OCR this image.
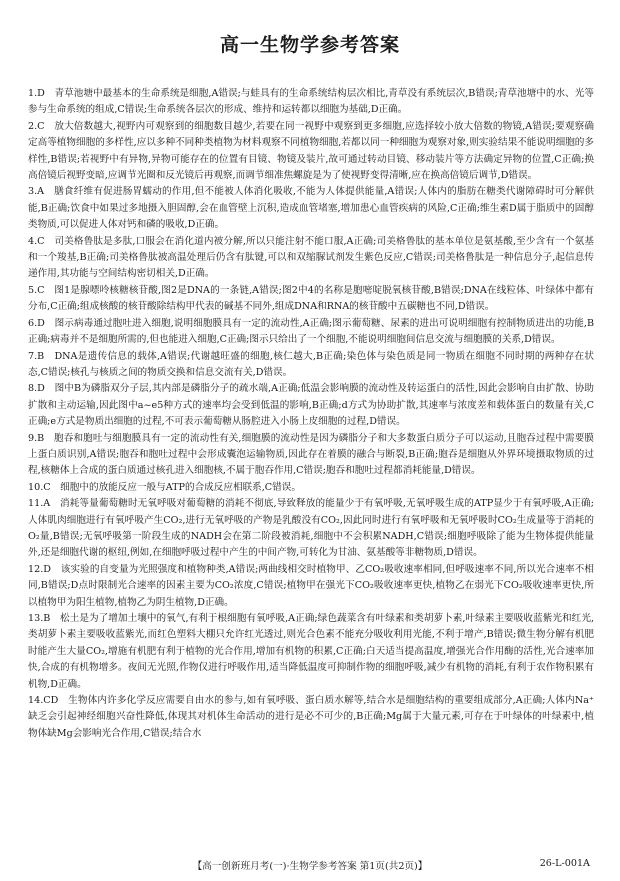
高一生物学参考答案

1.D　 青草池塘中最基本的生命系统是细胞,A错误;与蛙具有的生命系统结构层次相比,青草没有系统层次,B错误;青草池塘中的水、光等参与生命系统的组成,C错误;生命系统各层次的形成、维持和运转都以细胞为基础,D正确。

2.C　 放大倍数越大,视野内可观察到的细胞数目越少,若要在同一视野中观察到更多细胞,应选择较小放大倍数的物镜,A错误;要观察确定高等植物细胞的多样性,应以多种不同种类植物为材料观察不同植物细胞,若都以同一种细胞为观察对象,则实验结果不能说明细胞的多样性,B错误;若视野中有异物,异物可能存在的位置有目镜、物镜及装片,故可通过转动目镜、移动装片等方法确定异物的位置,C正确;换高倍镜后视野变暗,应调节光圈和反光镜后再观察,而调节细准焦螺旋是为了使视野变得清晰,应在换高倍镜后调节,D错误。

3.A　 膳食纤维有促进肠胃蠕动的作用,但不能被人体消化吸收,不能为人体提供能量,A错误;人体内的脂肪在糖类代谢障碍时可分解供能,B正确;饮食中如果过多地摄入胆固醇,会在血管壁上沉积,造成血管堵塞,增加患心血管疾病的风险,C正确;维生素D属于脂质中的固醇类物质,可以促进人体对钙和磷的吸收,D正确。

4.C　 司美格鲁肽是多肽,口服会在消化道内被分解,所以只能注射不能口服,A正确;司美格鲁肽的基本单位是氨基酸,至少含有一个氨基和一个羧基,B正确;司美格鲁肽被高温处理后仍含有肽键,可以和双缩脲试剂发生紫色反应,C错误;司美格鲁肽是一种信息分子,起信息传递作用,其功能与空间结构密切相关,D正确。

5.C　 图1是腺嘌呤核糖核苷酸,图2是DNA的一条链,A错误;图2中4的名称是胞嘧啶脱氧核苷酸,B错误;DNA在线粒体、叶绿体中都有分布,C正确;组成核酸的核苷酸除结构甲代表的碱基不同外,组成DNA和RNA的核苷酸中五碳糖也不同,D错误。

6.D　 图示病毒通过胞吐进入细胞,说明细胞膜具有一定的流动性,A正确;图示葡萄糖、尿素的进出可说明细胞有控制物质进出的功能,B正确;病毒并不是细胞所需的,但也能进入细胞,C正确;图示只给出了一个细胞,不能说明细胞间信息交流与细胞膜的关系,D错误。

7.B　 DNA是遗传信息的载体,A错误;代谢越旺盛的细胞,核仁越大,B正确;染色体与染色质是同一物质在细胞不同时期的两种存在状态,C错误;核孔与核质之间的物质交换和信息交流有关,D错误。

8.D　 图中B为磷脂双分子层,其内部是磷脂分子的疏水端,A正确;低温会影响膜的流动性及转运蛋白的活性,因此会影响自由扩散、协助扩散和主动运输,因此图中a~e5种方式的速率均会受到低温的影响,B正确;d方式为协助扩散,其速率与浓度差和载体蛋白的数量有关,C正确;e方式是物质出细胞的过程,不可表示葡萄糖从肠腔进入小肠上皮细胞的过程,D错误。

9.B　 胞吞和胞吐与细胞膜具有一定的流动性有关,细胞膜的流动性是因为磷脂分子和大多数蛋白质分子可以运动,且胞吞过程中需要膜上蛋白质识别,A错误;胞吞和胞吐过程中会形成囊泡运输物质,因此存在着膜的融合与断裂,B正确;胞吞是细胞从外界环境摄取物质的过程,核糖体上合成的蛋白质通过核孔进入细胞核,不属于胞吞作用,C错误;胞吞和胞吐过程都消耗能量,D错误。

10.C　 细胞中的放能反应一般与ATP的合成反应相联系,C错误。

11.A　 消耗等量葡萄糖时无氧呼吸对葡萄糖的消耗不彻底,导致释放的能量少于有氧呼吸,无氧呼吸生成的ATP显少于有氧呼吸,A正确;人体肌肉细胞进行有氧呼吸产生CO₂,进行无氧呼吸的产物是乳酸没有CO₂,因此同时进行有氧呼吸和无氧呼吸时CO₂生成量等于消耗的O₂量,B错误;无氧呼吸第一阶段生成的NADH会在第二阶段被消耗,细胞中不会积累NADH,C错误;细胞呼吸除了能为生物体提供能量外,还是细胞代谢的枢纽,例如,在细胞呼吸过程中产生的中间产物,可转化为甘油、氨基酸等非糖物质,D错误。

12.D　 该实验的自变量为光照强度和植物种类,A错误;两曲线相交时植物甲、乙CO₂吸收速率相同,但呼吸速率不同,所以光合速率不相同,B错误;D点时限制光合速率的因素主要为CO₂浓度,C错误;植物甲在强光下CO₂吸收速率更快,植物乙在弱光下CO₂吸收速率更快,所以植物甲为阳生植物,植物乙为阴生植物,D正确。

13.B　 松土是为了增加土壤中的氧气,有利于根细胞有氧呼吸,A正确;绿色蔬菜含有叶绿素和类胡萝卜素,叶绿素主要吸收蓝紫光和红光,类胡萝卜素主要吸收蓝紫光,而红色塑料大棚只允许红光透过,则光合色素不能充分吸收利用光能,不利于增产,B错误;微生物分解有机肥时能产生大量CO₂,增施有机肥有利于植物的光合作用,增加有机物的积累,C正确;白天适当提高温度,增强光合作用酶的活性,光合速率加快,合成的有机物增多。夜间无光照,作物仅进行呼吸作用,适当降低温度可抑制作物的细胞呼吸,减少有机物的消耗,有利于农作物积累有机物,D正确。

14.CD　 生物体内许多化学反应需要自由水的参与,如有氧呼吸、蛋白质水解等,结合水是细胞结构的重要组成部分,A正确;人体内Na⁺缺乏会引起神经细胞兴奋性降低,体现其对机体生命活动的进行是必不可少的,B正确;Mg属于大量元素,可存在于叶绿体的叶绿素中,植物体缺Mg会影响光合作用,C错误;结合水

【高一创新班月考(一)·生物学参考答案 第1页(共2页)】	26-L-001A
